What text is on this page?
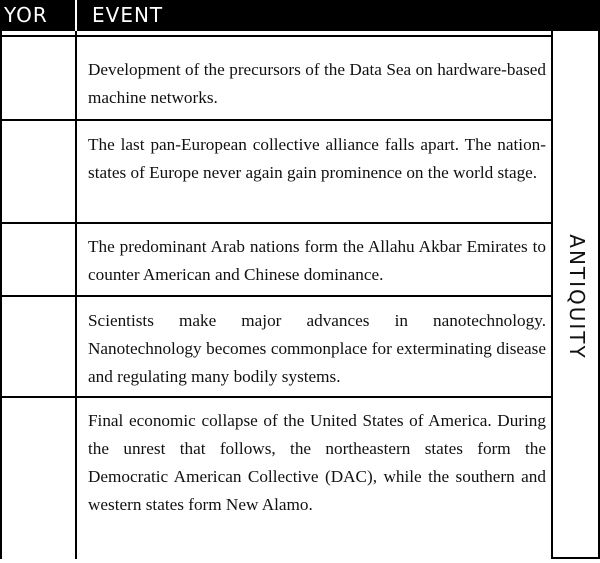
YOR EVENT

Development of the precursors of the Data Sea on hardware-based machine networks.

The last pan-European collective alliance falls apart. The nation-states of Europe never again gain prominence on the world stage.

The predominant Arab nations form the Allahu Akbar Emirates to counter American and Chinese dominance.

Scientists make major advances in nanotechnology. Nanotechnology becomes commonplace for exterminating disease and regulating many bodily systems.

Final economic collapse of the United States of America. During the unrest that follows, the northeastern states form the Democratic American Collective (DAC), while the southern and western states form New Alamo.

ANTIQUITY
